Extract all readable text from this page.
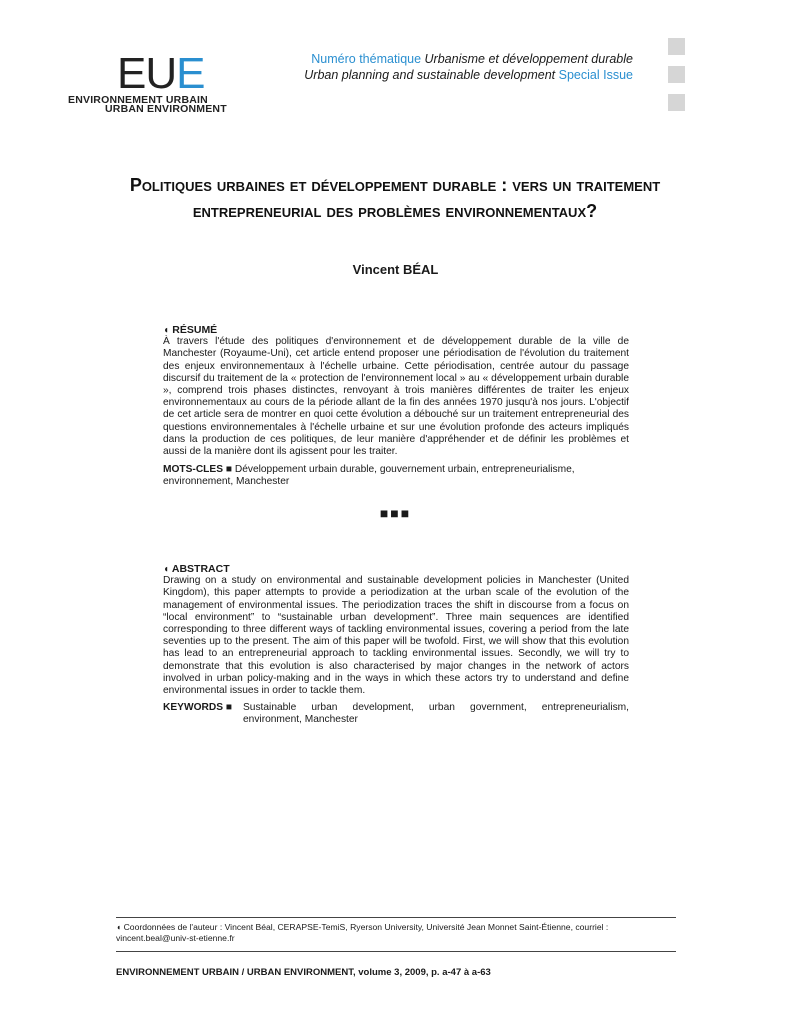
EUE
ENVIRONNEMENT URBAIN
URBAN ENVIRONMENT
Numéro thématique Urbanisme et développement durable
Urban planning and sustainable development Special Issue
Politiques urbaines et développement durable : vers un traitement entrepreneurial des problèmes environnementaux?
Vincent BÉAL
◖ RÉSUMÉ
À travers l'étude des politiques d'environnement et de développement durable de la ville de Manchester (Royaume-Uni), cet article entend proposer une périodisation de l'évolution du traitement des enjeux environnementaux à l'échelle urbaine. Cette périodisation, centrée autour du passage discursif du traitement de la « protection de l'environnement local » au « développement urbain durable », comprend trois phases distinctes, renvoyant à trois manières différentes de traiter les enjeux environnementaux au cours de la période allant de la fin des années 1970 jusqu'à nos jours. L'objectif de cet article sera de montrer en quoi cette évolution a débouché sur un traitement entrepreneurial des questions environnementales à l'échelle urbaine et sur une évolution profonde des acteurs impliqués dans la production de ces politiques, de leur manière d'appréhender et de définir les problèmes et aussi de la manière dont ils agissent pour les traiter.
MOTS-CLES ■ Développement urbain durable, gouvernement urbain, entrepreneurialisme, environnement, Manchester
■■■
◖ ABSTRACT
Drawing on a study on environmental and sustainable development policies in Manchester (United Kingdom), this paper attempts to provide a periodization at the urban scale of the evolution of the management of environmental issues. The periodization traces the shift in discourse from a focus on “local environment” to “sustainable urban development”. Three main sequences are identified corresponding to three different ways of tackling environmental issues, covering a period from the late seventies up to the present. The aim of this paper will be twofold. First, we will show that this evolution has lead to an entrepreneurial approach to tackling environmental issues. Secondly, we will try to demonstrate that this evolution is also characterised by major changes in the network of actors involved in urban policy-making and in the ways in which these actors try to understand and define environmental issues in order to tackle them.
KEYWORDS ■	Sustainable urban development, urban government, entrepreneurialism, environment, Manchester
◖ Coordonnées de l'auteur : Vincent Béal, CERAPSE-TemiS, Ryerson University, Université Jean Monnet Saint-Étienne, courriel : vincent.beal@univ-st-etienne.fr
ENVIRONNEMENT URBAIN / URBAN ENVIRONMENT, volume 3, 2009, p. a-47 à a-63
